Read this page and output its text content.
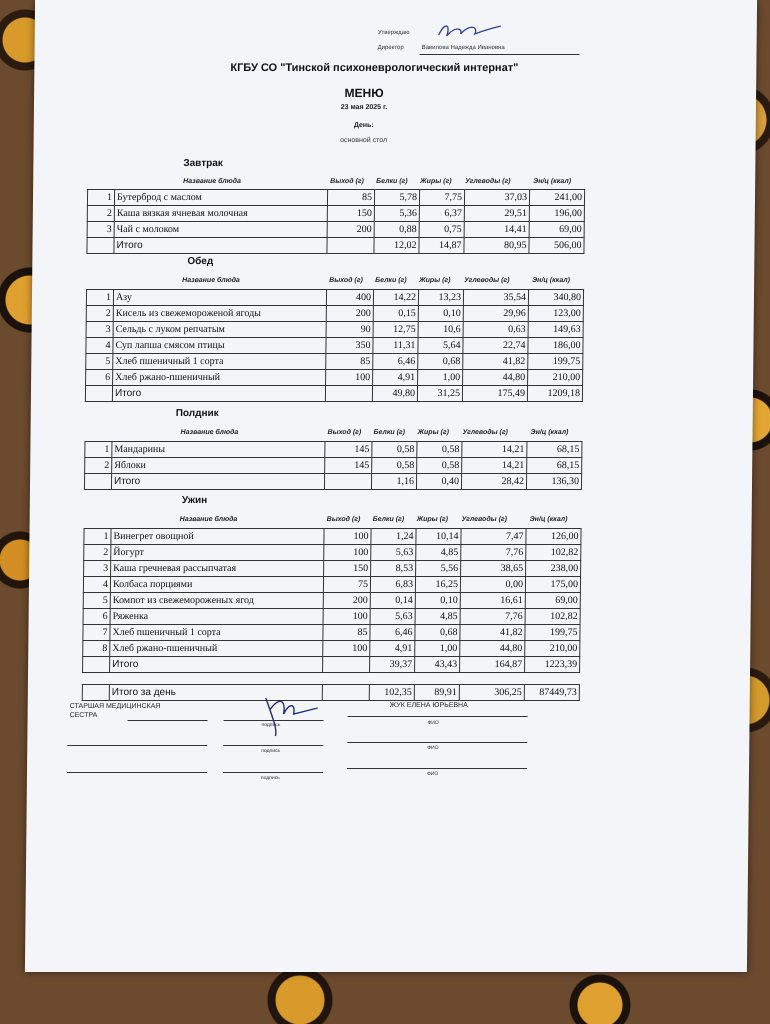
Утверждаю
Директор	Вавилова Надежда Ивановна
КГБУ СО "Тинской психоневрологический интернат"
МЕНЮ
23 мая 2025 г.
День:
основной стол
Завтрак
Название блюда	Выход (г) Белки (г) Жиры (г) Углеводы (г)	Эн/ц (ккал)
1	Бутерброд с маслом	85	5,78	7,75	37,03	241,00
2	Каша вязкая ячневая молочная	150	5,36	6,37	29,51	196,00
3	Чай с молоком	200	0,88	0,75	14,41	69,00
	Итого		12,02	14,87	80,95	506,00
Обед
Название блюда	Выход (г) Белки (г) Жиры (г) Углеводы (г)	Эн/ц (ккал)
1	Азу	400	14,22	13,23	35,54	340,80
2	Кисель из свежемороженой ягоды	200	0,15	0,10	29,96	123,00
3	Сельдь с луком репчатым	90	12,75	10,6	0,63	149,63
4	Суп лапша смясом птицы	350	11,31	5,64	22,74	186,00
5	Хлеб пшеничный 1 сорта	85	6,46	0,68	41,82	199,75
6	Хлеб ржано-пшеничный	100	4,91	1,00	44,80	210,00
	Итого		49,80	31,25	175,49	1209,18
Полдник
Название блюда	Выход (г) Белки (г) Жиры (г) Углеводы (г)	Эн/ц (ккал)
1	Мандарины	145	0,58	0,58	14,21	68,15
2	Яблоки	145	0,58	0,58	14,21	68,15
	Итого		1,16	0,40	28,42	136,30
Ужин
Название блюда	Выход (г) Белки (г) Жиры (г) Углеводы (г)	Эн/ц (ккал)
1	Винегрет овощной	100	1,24	10,14	7,47	126,00
2	Йогурт	100	5,63	4,85	7,76	102,82
3	Каша гречневая рассыпчатая	150	8,53	5,56	38,65	238,00
4	Колбаса порциями	75	6,83	16,25	0,00	175,00
5	Компот из свежемороженых ягод	200	0,14	0,10	16,61	69,00
6	Ряженка	100	5,63	4,85	7,76	102,82
7	Хлеб пшеничный 1 сорта	85	6,46	0,68	41,82	199,75
8	Хлеб ржано-пшеничный	100	4,91	1,00	44,80	210,00
	Итого		39,37	43,43	164,87	1223,39
	Итого за день		102,35	89,91	306,25	87449,73
СТАРШАЯ МЕДИЦИНСКАЯ СЕСТРА
ЖУК ЕЛЕНА ЮРЬЕВНА
подпись	ФИО
подпись	ФИО
подпись
ФИО
